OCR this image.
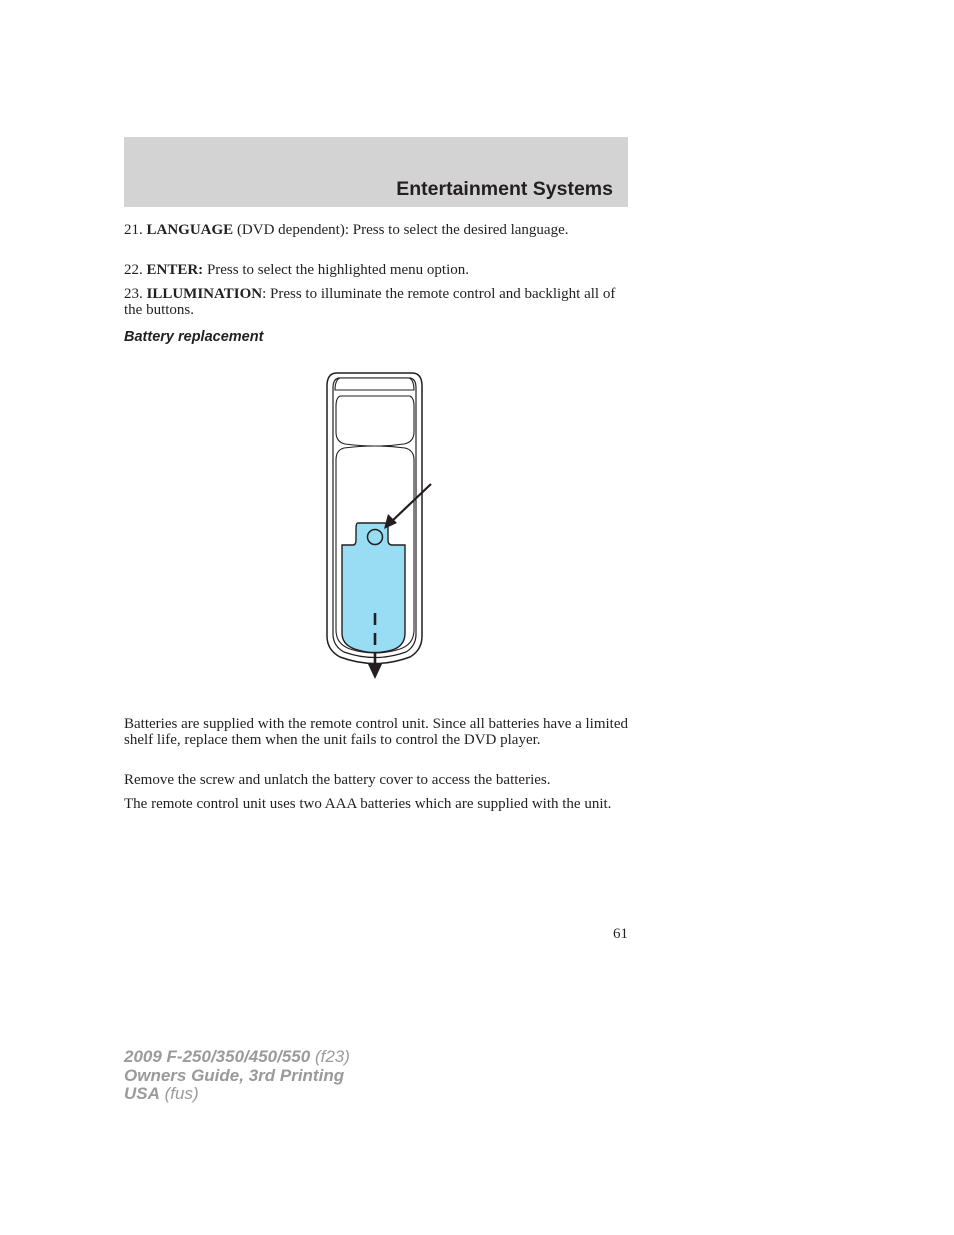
Entertainment Systems
21. LANGUAGE (DVD dependent): Press to select the desired language.
22. ENTER: Press to select the highlighted menu option.
23. ILLUMINATION: Press to illuminate the remote control and backlight all of the buttons.
Battery replacement
Batteries are supplied with the remote control unit. Since all batteries have a limited shelf life, replace them when the unit fails to control the DVD player.
Remove the screw and unlatch the battery cover to access the batteries.
The remote control unit uses two AAA batteries which are supplied with the unit.
61
2009 F-250/350/450/550 (f23)
Owners Guide, 3rd Printing
USA (fus)
